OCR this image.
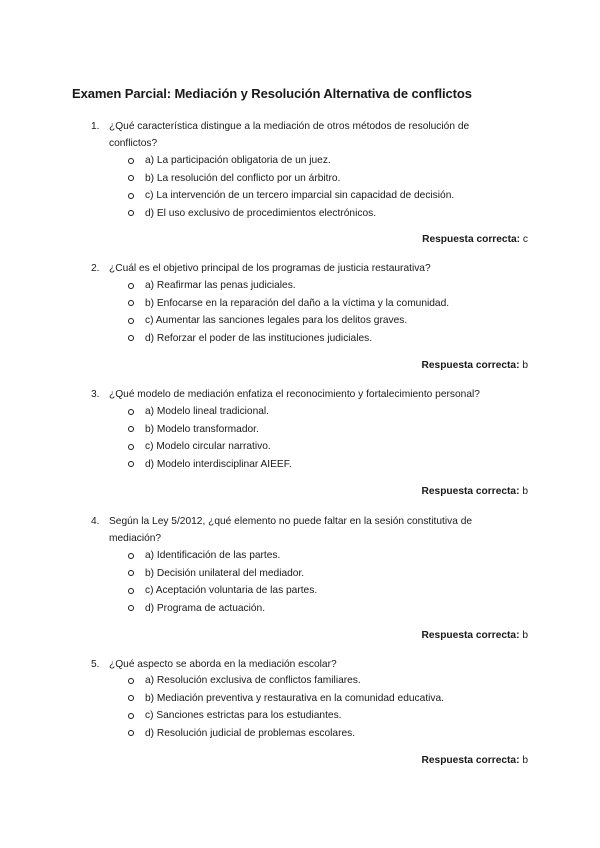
Examen Parcial: Mediación y Resolución Alternativa de conflictos
1. ¿Qué característica distingue a la mediación de otros métodos de resolución de conflictos?
a) La participación obligatoria de un juez.
b) La resolución del conflicto por un árbitro.
c) La intervención de un tercero imparcial sin capacidad de decisión.
d) El uso exclusivo de procedimientos electrónicos.
Respuesta correcta: c
2. ¿Cuál es el objetivo principal de los programas de justicia restaurativa?
a) Reafirmar las penas judiciales.
b) Enfocarse en la reparación del daño a la víctima y la comunidad.
c) Aumentar las sanciones legales para los delitos graves.
d) Reforzar el poder de las instituciones judiciales.
Respuesta correcta: b
3. ¿Qué modelo de mediación enfatiza el reconocimiento y fortalecimiento personal?
a) Modelo lineal tradicional.
b) Modelo transformador.
c) Modelo circular narrativo.
d) Modelo interdisciplinar AIEEF.
Respuesta correcta: b
4. Según la Ley 5/2012, ¿qué elemento no puede faltar en la sesión constitutiva de mediación?
a) Identificación de las partes.
b) Decisión unilateral del mediador.
c) Aceptación voluntaria de las partes.
d) Programa de actuación.
Respuesta correcta: b
5. ¿Qué aspecto se aborda en la mediación escolar?
a) Resolución exclusiva de conflictos familiares.
b) Mediación preventiva y restaurativa en la comunidad educativa.
c) Sanciones estrictas para los estudiantes.
d) Resolución judicial de problemas escolares.
Respuesta correcta: b
